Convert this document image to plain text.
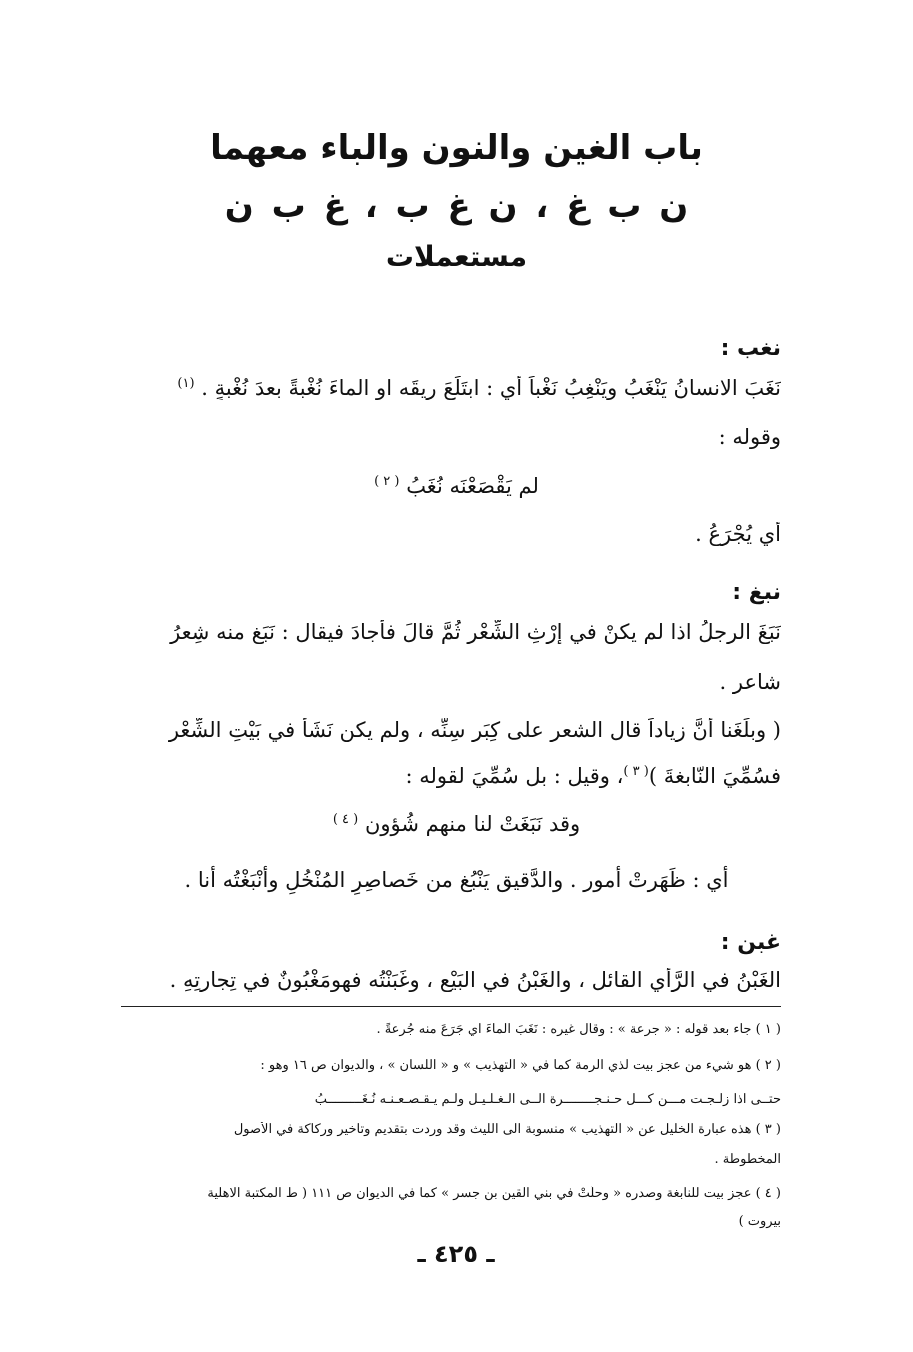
باب الغين والنون والباء معهما
ن ب غ ، ن غ ب ، غ ب ن
مستعملات
نغب :
نَغَبَ الانسانُ يَنْغَبُ ويَنْغِبُ نَغْباً أي : ابتَلَعَ رِيقَه او الماءَ نُغْبةً بعدَ نُغْبةٍ . $^{(١)}$
وقوله :
لم يَقْصَعْنَه نُغَبُ $^{( ٢ )}$
أي يُجْرَعُ .
نبغ :
نَبَغَ الرجلُ اذا لم يكنْ في إرْثِ الشِّعْرِ ثُمَّ قالَ فأجادَ فيقال : نَبَغ منه شِعرُ
شاعرٍ .
( وبلَغَنا أنَّ زياداً قال الشعر على كِبَرِ سِنِّه ، ولم يكن نَشَأَ في بَيْتِ الشِّعْرِ
فسُمِّيَ النّابغةَ )$^{( ٣ )}$، وقيل : بل سُمِّيَ لقوله :
وقد نَبَغَتْ لنا منهم شُؤون $^{( ٤ )}$
أي : ظَهَرتْ أمور . والدَّقيق يَنْبُغ من خَصاصِرِ المُنْخُلِ وأنْبَغْتُه أنا .
غبن :
الغَبْنُ في الرَّأيِ القائل ، والغَبْنُ في البَيْعِ ، وغَبَنْتُه فهومَغْبُونٌ في تِجارتِهِ .
( ١ ) جاء بعد قوله : « جرعة » : وقال غيره : نَغَبَ الماءَ اي جَرَعَ منه جُرعةً .
( ٢ ) هو شيء من عجز بيت لذي الرمة كما في « التهذيب » و « اللسان » ، والديوان ص ١٦ وهو :
حتــى اذا زلـجـت مـــن كـــل حـنـجــــــــرة الــى الـغـلـيـل ولـم يـقـصـعـنـه نُـغَـــــــــبُ
( ٣ ) هذه عبارة الخليل عن « التهذيب » منسوبة الى الليث وقد وردت بتقديم وتأخير وركاكة في الأصول
المخطوطة .
( ٤ ) عجز بيت للنابغة وصدره « وحلّتْ في بني القين بن جسر » كما في الديوان ص ١١١ ( ط المكتبة الاهلية
بيروت )
ـ ٤٢٥ ـ
